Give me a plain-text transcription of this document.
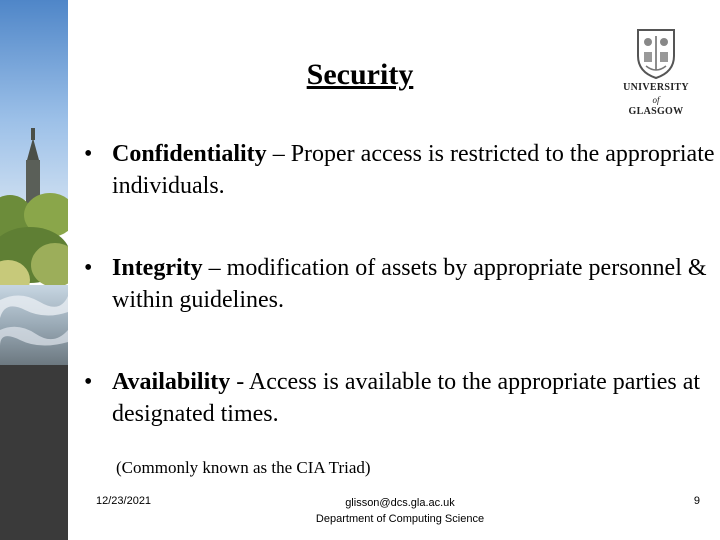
Security	UNIVERSITY
of
GLASGOW
• Confidentiality – Proper access is restricted to the appropriate individuals.
• Integrity – modification of assets by appropriate personnel & within guidelines.
• Availability - Access is available to the appropriate parties at designated times.
(Commonly known as the CIA Triad)
12/23/2021	glisson@dcs.gla.ac.uk
Department of Computing Science
9
